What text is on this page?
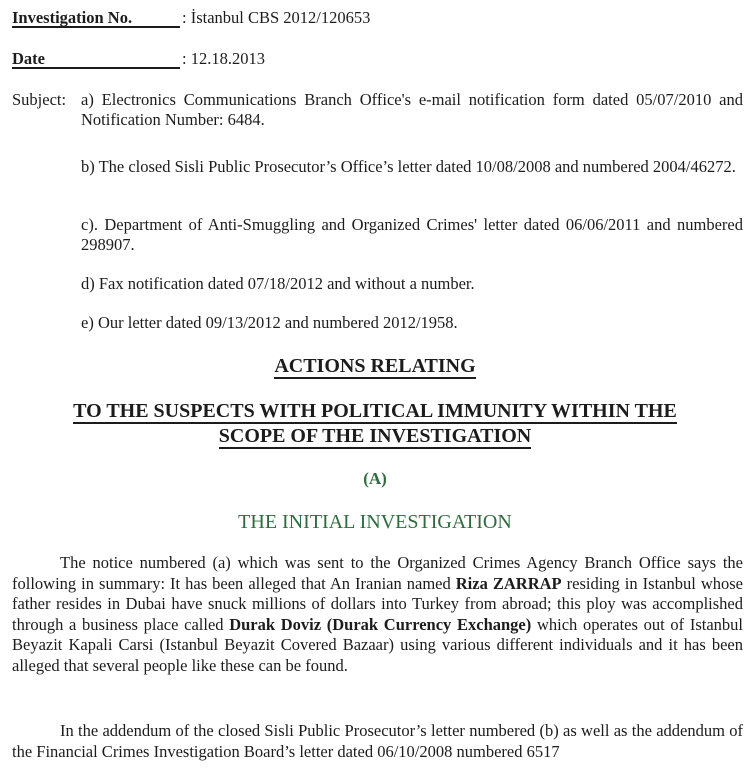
Investigation No.	: İstanbul CBS 2012/120653
Date	: 12.18.2013
Subject: a) Electronics Communications Branch Office's e-mail notification form dated 05/07/2010 and Notification Number: 6484.
b) The closed Sisli Public Prosecutor’s Office’s letter dated 10/08/2008 and numbered 2004/46272.
c). Department of Anti-Smuggling and Organized Crimes' letter dated 06/06/2011 and numbered 298907.
d) Fax notification dated 07/18/2012 and without a number.
e) Our letter dated 09/13/2012 and numbered 2012/1958.
ACTIONS RELATING
TO THE SUSPECTS WITH POLITICAL IMMUNITY WITHIN THE
SCOPE OF THE INVESTIGATION
(A)
THE INITIAL INVESTIGATION
The notice numbered (a) which was sent to the Organized Crimes Agency Branch Office says the following in summary: It has been alleged that An Iranian named Riza ZARRAP residing in Istanbul whose father resides in Dubai have snuck millions of dollars into Turkey from abroad; this ploy was accomplished through a business place called Durak Doviz (Durak Currency Exchange) which operates out of Istanbul Beyazit Kapali Carsi (Istanbul Beyazit Covered Bazaar) using various different individuals and it has been alleged that several people like these can be found.
In the addendum of the closed Sisli Public Prosecutor’s letter numbered (b) as well as the addendum of the Financial Crimes Investigation Board’s letter dated 06/10/2008 numbered 6517
